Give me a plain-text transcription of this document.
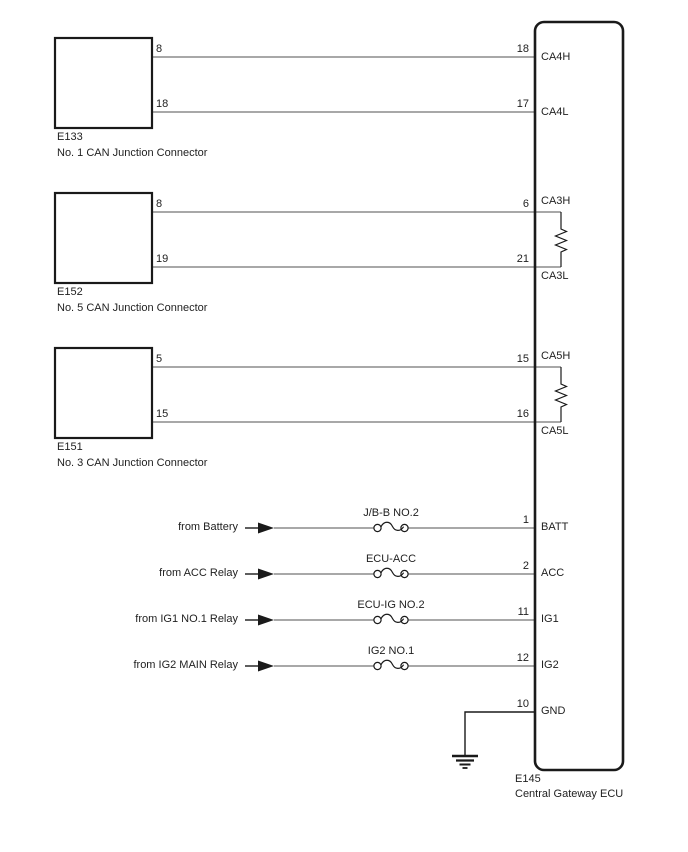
8
18
18
17
CA4H
CA4L
E133
No. 1 CAN Junction Connector
8
19
6
21
CA3H
CA3L
E152
No. 5 CAN Junction Connector
5
15
15
16
CA5H
CA5L
E151
No. 3 CAN Junction Connector
from Battery
J/B-B NO.2
1
BATT
from ACC Relay
ECU-ACC
2
ACC
from IG1 NO.1 Relay
ECU-IG NO.2
11
IG1
from IG2 MAIN Relay
IG2 NO.1
12
IG2
10
GND
E145
Central Gateway ECU
